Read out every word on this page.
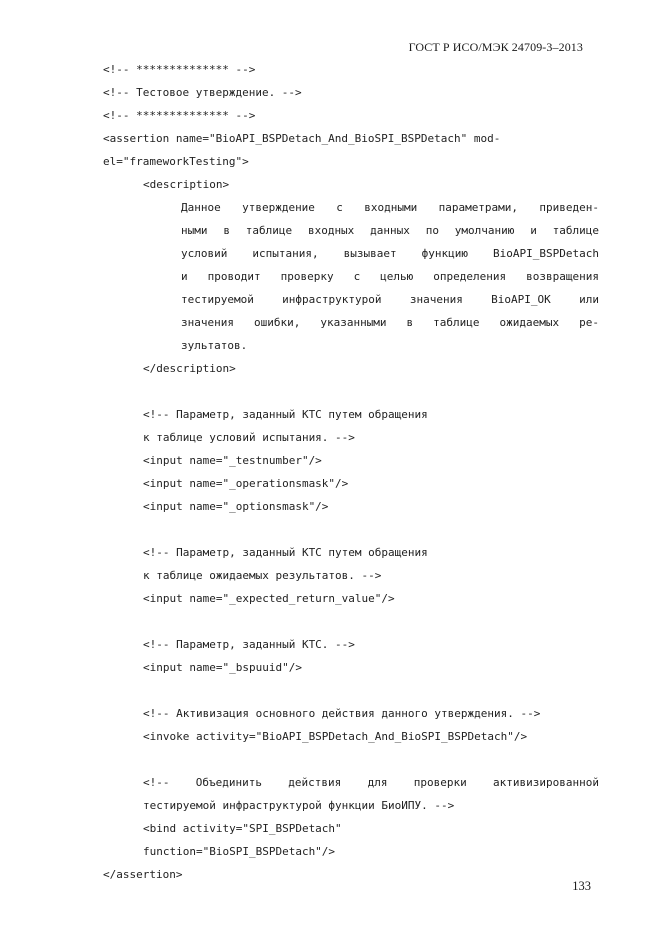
ГОСТ Р ИСО/МЭК 24709-3–2013
<!-- ************** -->
<!-- Тестовое утверждение. -->
<!-- ************** -->
<assertion name="BioAPI_BSPDetach_And_BioSPI_BSPDetach" mod-
el="frameworkTesting">
<description>
Данное утверждение с входными параметрами, приведен-
ными в таблице входных данных по умолчанию и таблице
условий испытания, вызывает функцию BioAPI_BSPDetach
и проводит проверку с целью определения возвращения
тестируемой инфраструктурой значения BioAPI_OK или
значения ошибки, указанными в таблице ожидаемых ре-
зультатов.
</description>
<!-- Параметр, заданный КТС путем обращения
к таблице условий испытания. -->
<input name="_testnumber"/>
<input name="_operationsmask"/>
<input name="_optionsmask"/>
<!-- Параметр, заданный КТС путем обращения
к таблице ожидаемых результатов. -->
<input name="_expected_return_value"/>
<!-- Параметр, заданный КТС. -->
<input name="_bspuuid"/>
<!-- Активизация основного действия данного утверждения. -->
<invoke activity="BioAPI_BSPDetach_And_BioSPI_BSPDetach"/>
<!-- Объединить действия для проверки активизированной
тестируемой инфраструктурой функции БиоИПУ. -->
<bind activity="SPI_BSPDetach"
function="BioSPI_BSPDetach"/>
</assertion>
133
